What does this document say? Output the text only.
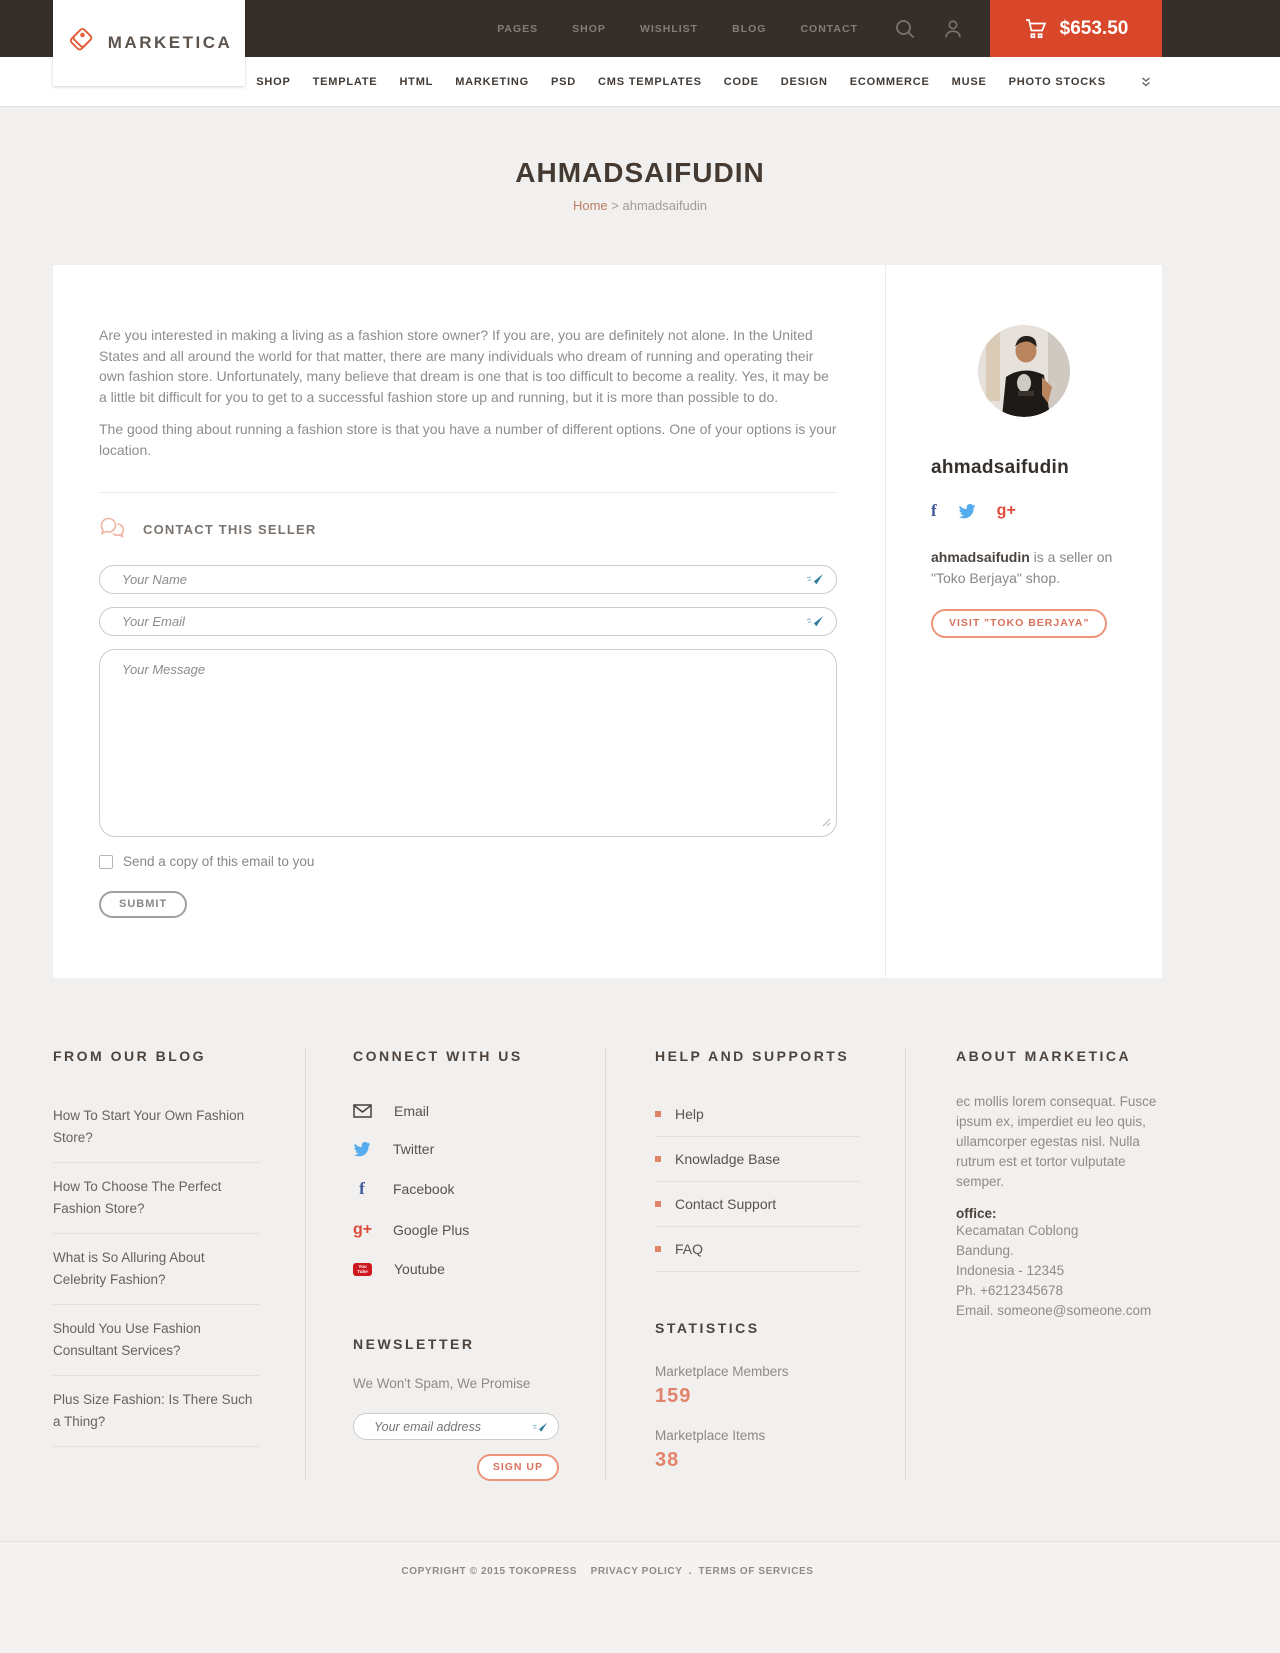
MARKETICA
PAGES	SHOP	WISHLIST	BLOG	CONTACT	$653.50
SHOP TEMPLATE HTML MARKETING PSD CMS TEMPLATES CODE DESIGN ECOMMERCE MUSE PHOTO STOCKS
AHMADSAIFUDIN
Home > ahmadsaifudin

Are you interested in making a living as a fashion store owner? If you are, you are definitely not alone. In the United States and all around the world for that matter, there are many individuals who dream of running and operating their own fashion store. Unfortunately, many believe that dream is one that is too difficult to become a reality. Yes, it may be a little bit difficult for you to get to a successful fashion store up and running, but it is more than possible to do.

The good thing about running a fashion store is that you have a number of different options. One of your options is your location.

CONTACT THIS SELLER
Your Name
Your Email
Your Message
Send a copy of this email to you
SUBMIT
ahmadsaifudin
f	g+

ahmadsaifudin is a seller on "Toko Berjaya" shop.

VISIT "TOKO BERJAYA"
FROM OUR BLOG
How To Start Your Own Fashion Store?
How To Choose The Perfect Fashion Store?
What is So Alluring About Celebrity Fashion?
Should You Use Fashion Consultant Services?
Plus Size Fashion: Is There Such a Thing?
CONNECT WITH US
Email
Twitter
f	Facebook
g+ Google Plus
You
Tube Youtube
NEWSLETTER
We Won't Spam, We Promise
Your email address
SIGN UP
HELP AND SUPPORTS
Help
Knowladge Base
Contact Support
FAQ
STATISTICS
Marketplace Members
159
Marketplace Items
38
ABOUT MARKETICA

ec mollis lorem consequat. Fusce ipsum ex, imperdiet eu leo quis, ullamcorper egestas nisl. Nulla rutrum est et tortor vulputate semper.

office:
Kecamatan Coblong
Bandung.
Indonesia - 12345
Ph. +6212345678
Email. someone@someone.com
COPYRIGHT © 2015 TOKOPRESS PRIVACY POLICY . TERMS OF SERVICES
